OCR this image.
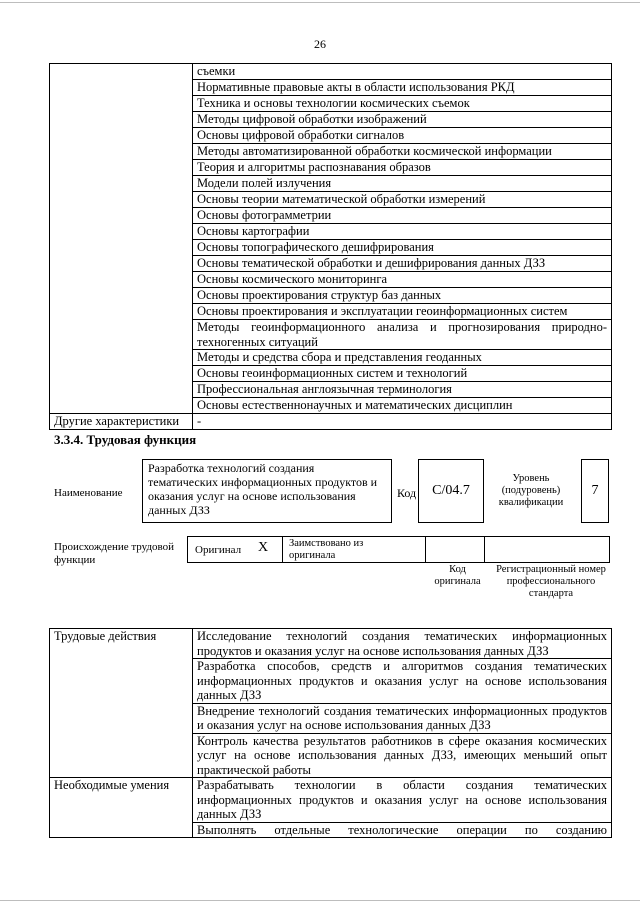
26
	съемки
	Нормативные правовые акты в области использования РКД
	Техника и основы технологии космических съемок
	Методы цифровой обработки изображений
	Основы цифровой обработки сигналов
	Методы автоматизированной обработки космической информации
	Теория и алгоритмы распознавания образов
	Модели полей излучения
	Основы теории математической обработки измерений
	Основы фотограмметрии
	Основы картографии
	Основы топографического дешифрирования
	Основы тематической обработки и дешифрирования данных ДЗЗ
	Основы космического мониторинга
	Основы проектирования структур баз данных
	Основы проектирования и эксплуатации геоинформационных систем
	Методы геоинформационного анализа и прогнозирования природно-техногенных ситуаций
	Методы и средства сбора и представления геоданных
	Основы геоинформационных систем и технологий
	Профессиональная англоязычная терминология
	Основы естественнонаучных и математических дисциплин
Другие характеристики	-
3.3.4. Трудовая функция
Наименование
Разработка технологий создания тематических информационных продуктов и оказания услуг на основе использования данных ДЗЗ
Код	C/04.7
Уровень (подуровень) квалификации
7
Происхождение трудовой функции
Оригинал X Заимствовано из оригинала
Код оригинала
Регистрационный номер профессионального стандарта
Трудовые действия	Исследование технологий создания тематических информационных продуктов и оказания услуг на основе использования данных ДЗЗ
	Разработка способов, средств и алгоритмов создания тематических информационных продуктов и оказания услуг на основе использования данных ДЗЗ
	Внедрение технологий создания тематических информационных продуктов и оказания услуг на основе использования данных ДЗЗ
	Контроль качества результатов работников в сфере оказания космических услуг на основе использования данных ДЗЗ, имеющих меньший опыт практической работы
Необходимые умения	Разрабатывать технологии в области создания тематических информационных продуктов и оказания услуг на основе использования данных ДЗЗ
	Выполнять отдельные технологические операции по созданию
